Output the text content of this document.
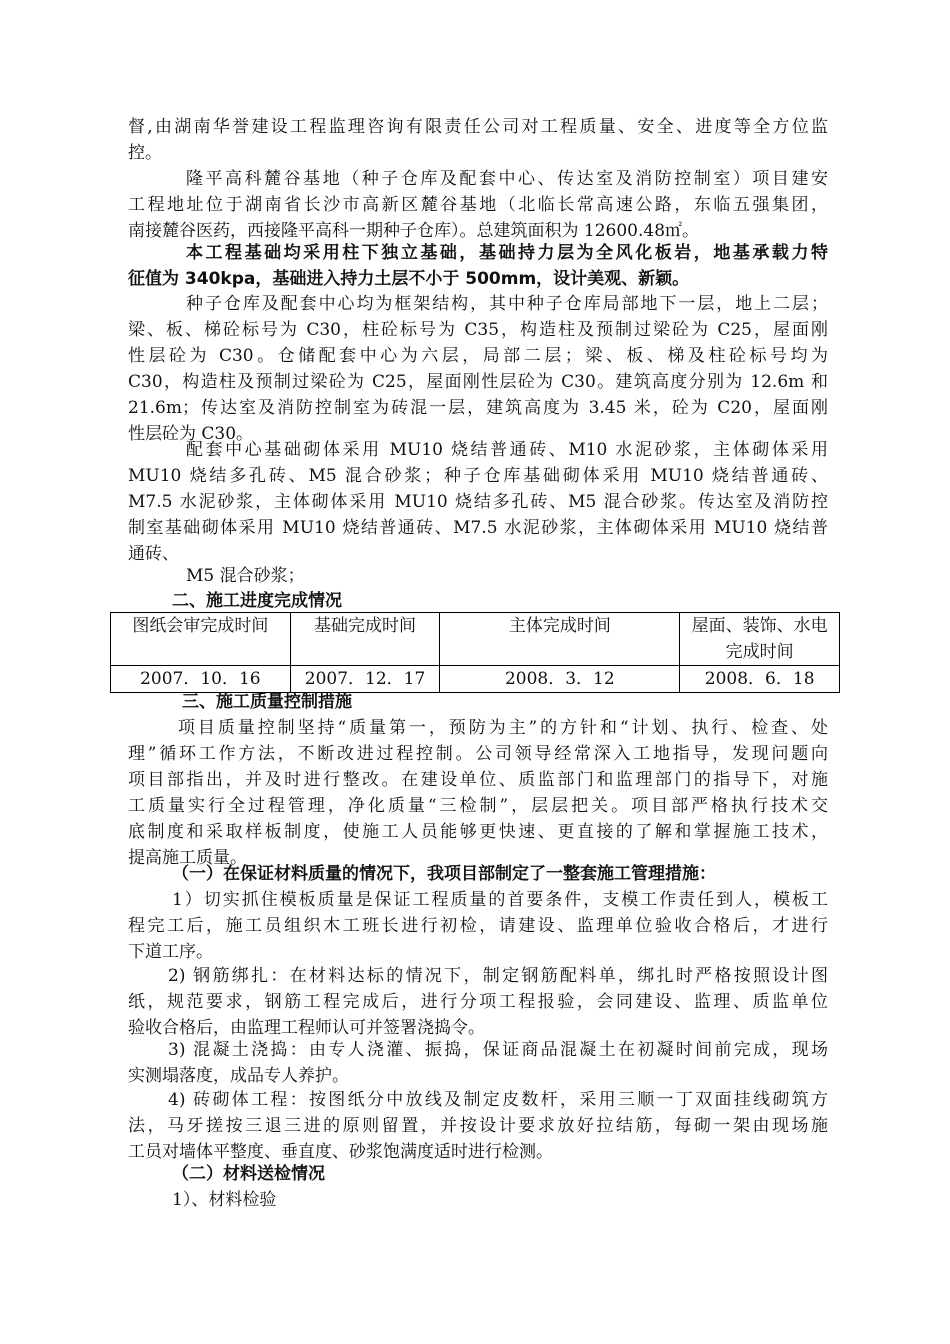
督,由湖南华誉建设工程监理咨询有限责任公司对工程质量、安全、进度等全方位监
控。
隆平高科麓谷基地（种子仓库及配套中心、传达室及消防控制室）项目建安
工程地址位于湖南省长沙市高新区麓谷基地（北临长常高速公路，东临五强集团，
南接麓谷医药，西接隆平高科一期种子仓库）。总建筑面积为 12600.48㎡。
本工程基础均采用柱下独立基础，基础持力层为全风化板岩，地基承载力特
征值为 340kpa，基础进入持力土层不小于 500mm，设计美观、新颖。
种子仓库及配套中心均为框架结构，其中种子仓库局部地下一层，地上二层；
梁、板、梯砼标号为 C30，柱砼标号为 C35，构造柱及预制过梁砼为 C25，屋面刚
性层砼为 C30。仓储配套中心为六层，局部二层；梁、板、梯及柱砼标号均为
C30，构造柱及预制过梁砼为 C25，屋面刚性层砼为 C30。建筑高度分别为 12.6m 和
21.6m；传达室及消防控制室为砖混一层，建筑高度为 3.45 米，砼为 C20，屋面刚
性层砼为 C30。
配套中心基础砌体采用 MU10 烧结普通砖、M10 水泥砂浆，主体砌体采用
MU10 烧结多孔砖、M5 混合砂浆；种子仓库基础砌体采用 MU10 烧结普通砖、
M7.5 水泥砂浆，主体砌体采用 MU10 烧结多孔砖、M5 混合砂浆。传达室及消防控
制室基础砌体采用 MU10 烧结普通砖、M7.5 水泥砂浆，主体砌体采用 MU10 烧结普
通砖、
M5 混合砂浆；
二、施工进度完成情况
图纸会审完成时间	基础完成时间	主体完成时间	屋面、装饰、水电
完成时间

2007．10．16	2007．12．17	2008．3．12	2008．6．18
三、施工质量控制措施
项目质量控制坚持“质量第一，预防为主”的方针和“计划、执行、检查、处
理”循环工作方法，不断改进过程控制。公司领导经常深入工地指导，发现问题向
项目部指出，并及时进行整改。在建设单位、质监部门和监理部门的指导下，对施
工质量实行全过程管理，净化质量“三检制”，层层把关。项目部严格执行技术交
底制度和采取样板制度，使施工人员能够更快速、更直接的了解和掌握施工技术，
提高施工质量。
（一）在保证材料质量的情况下，我项目部制定了一整套施工管理措施：
1）切实抓住模板质量是保证工程质量的首要条件，支模工作责任到人，模板工
程完工后，施工员组织木工班长进行初检，请建设、监理单位验收合格后，才进行
下道工序。
2) 钢筋绑扎：在材料达标的情况下，制定钢筋配料单，绑扎时严格按照设计图
纸，规范要求，钢筋工程完成后，进行分项工程报验，会同建设、监理、质监单位
验收合格后，由监理工程师认可并签署浇捣令。
3) 混凝土浇捣：由专人浇灌、振捣，保证商品混凝土在初凝时间前完成，现场
实测塌落度，成品专人养护。
4) 砖砌体工程：按图纸分中放线及制定皮数杆，采用三顺一丁双面挂线砌筑方
法，马牙搓按三退三进的原则留置，并按设计要求放好拉结筋，每砌一架由现场施
工员对墙体平整度、垂直度、砂浆饱满度适时进行检测。
（二）材料送检情况
1）、材料检验
